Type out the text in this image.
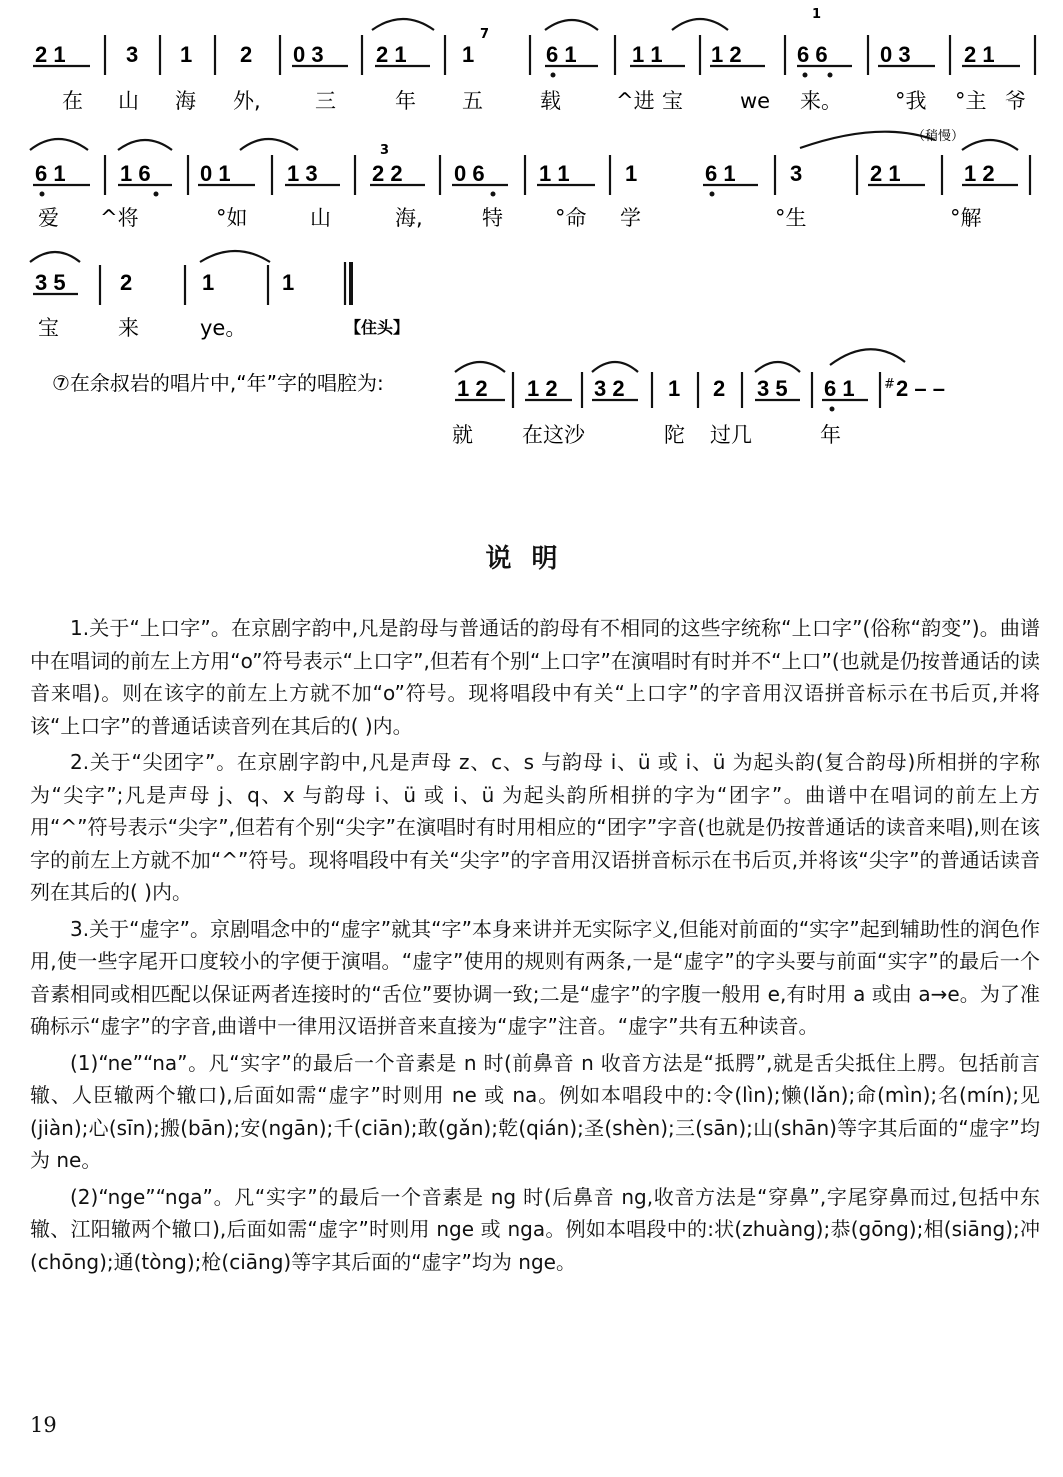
2 1	3 1 2 0 3 2 1	1	6 1	1 1 1 2	6 6 0 3 2 1
7
1
在 山 海 外,	三	年 五	载	^进 宝	we 来。	°我 °主 爷
6 1 1 6 0 1	1 3 2 2 0 6 1 1	1	6 1 3	2 1	1 2
3
（稍慢）
爱 ^将	°如	山	海,	特 °命 学	°生	°解
3 5 2	1	1
宝	来	ye。	【住头】
⑦在余叔岩的唱片中,“年”字的唱腔为:	1 2 1 2 3 2 1 2 3 5 6 1 2 – –
#
就 在这沙	陀 过几	年
说明

1.关于“上口字”。在京剧字韵中,凡是韵母与普通话的韵母有不相同的这些字统称“上口字”(俗称“韵变”)。曲谱中在唱词的前左上方用“o”符号表示“上口字”,但若有个别“上口字”在演唱时有时并不“上口”(也就是仍按普通话的读音来唱)。则在该字的前左上方就不加“o”符号。现将唱段中有关“上口字”的字音用汉语拼音标示在书后页,并将该“上口字”的普通话读音列在其后的( )内。

2.关于“尖团字”。在京剧字韵中,凡是声母 z、c、s 与韵母 i、ü 或 i、ü 为起头韵(复合韵母)所相拼的字称为“尖字”;凡是声母 j、q、x 与韵母 i、ü 或 i、ü 为起头韵所相拼的字为“团字”。曲谱中在唱词的前左上方用“^”符号表示“尖字”,但若有个别“尖字”在演唱时有时用相应的“团字”字音(也就是仍按普通话的读音来唱),则在该字的前左上方就不加“^”符号。现将唱段中有关“尖字”的字音用汉语拼音标示在书后页,并将该“尖字”的普通话读音列在其后的( )内。

3.关于“虚字”。京剧唱念中的“虚字”就其“字”本身来讲并无实际字义,但能对前面的“实字”起到辅助性的润色作用,使一些字尾开口度较小的字便于演唱。“虚字”使用的规则有两条,一是“虚字”的字头要与前面“实字”的最后一个音素相同或相匹配以保证两者连接时的“舌位”要协调一致;二是“虚字”的字腹一般用 e,有时用 a 或由 a→e。为了准确标示“虚字”的字音,曲谱中一律用汉语拼音来直接为“虚字”注音。“虚字”共有五种读音。

(1)“ne”“na”。凡“实字”的最后一个音素是 n 时(前鼻音 n 收音方法是“抵腭”,就是舌尖抵住上腭。包括前言辙、人臣辙两个辙口),后面如需“虚字”时则用 ne 或 na。例如本唱段中的:令(lìn);懒(lǎn);命(mìn);名(mín);见(jiàn);心(sīn);搬(bān);安(ngān);千(ciān);敢(gǎn);乾(qián);圣(shèn);三(sān);山(shān)等字其后面的“虚字”均为 ne。

(2)“nge”“nga”。凡“实字”的最后一个音素是 ng 时(后鼻音 ng,收音方法是“穿鼻”,字尾穿鼻而过,包括中东辙、江阳辙两个辙口),后面如需“虚字”时则用 nge 或 nga。例如本唱段中的:状(zhuàng);恭(gōng);相(siāng);冲(chōng);通(tòng);枪(ciāng)等字其后面的“虚字”均为 nge。

19
